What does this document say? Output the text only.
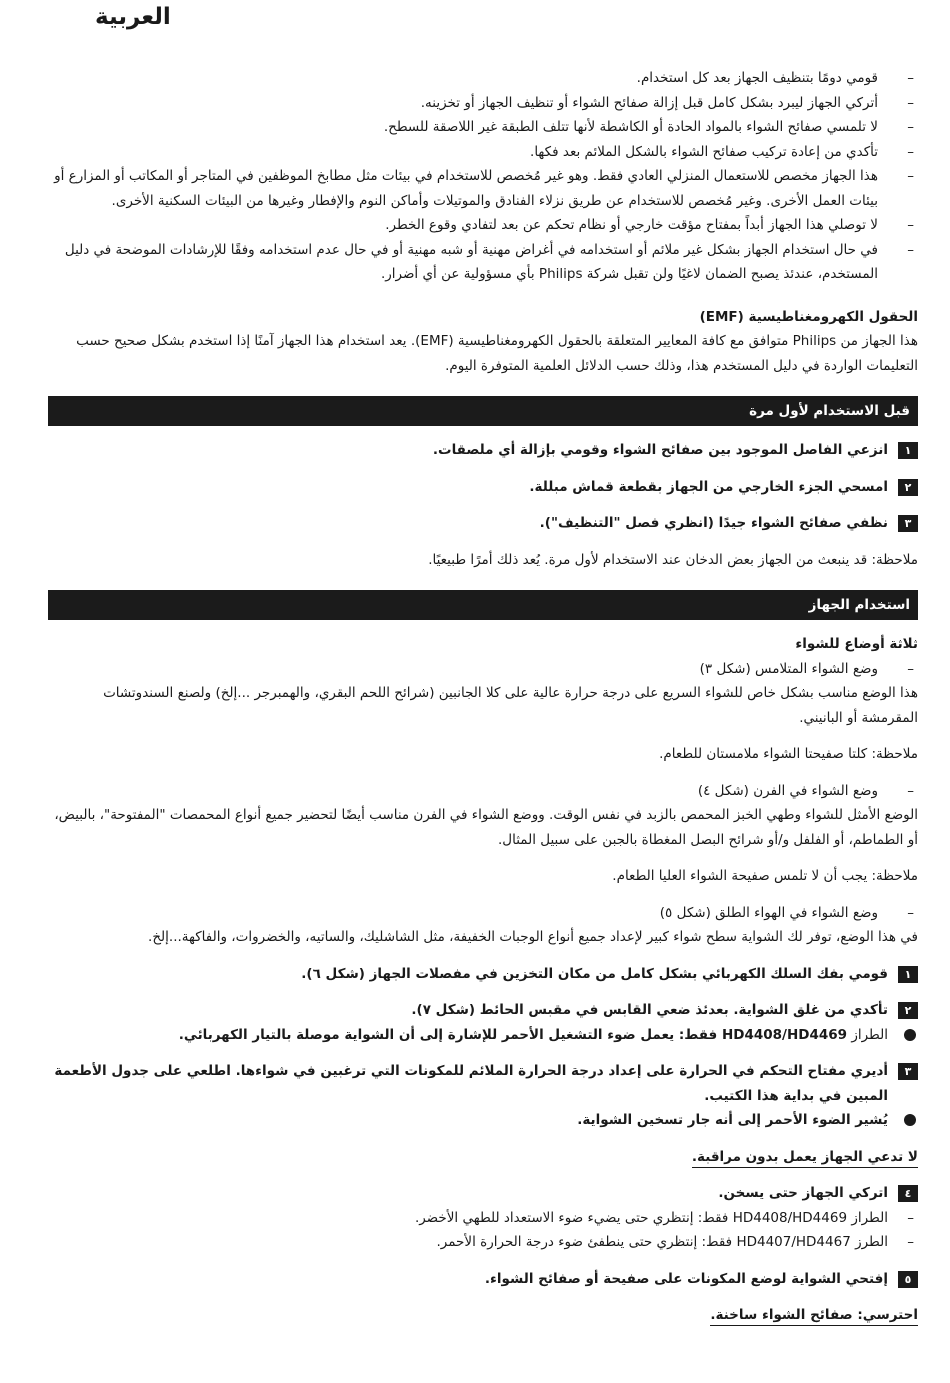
العربية
–

قومي دومًا بتنظيف الجهاز بعد كل استخدام.

–

أتركي الجهاز ليبرد بشكل كامل قبل إزالة صفائح الشواء أو تنظيف الجهاز أو تخزينه.

–

لا تلمسي صفائح الشواء بالمواد الحادة أو الكاشطة لأنها تتلف الطبقة غير اللاصقة للسطح.

–

تأكدي من إعادة تركيب صفائح الشواء بالشكل الملائم بعد فكها.

–

هذا الجهاز مخصص للاستعمال المنزلي العادي فقط. وهو غير مُخصص للاستخدام في بيئات مثل مطابخ الموظفين في المتاجر أو المكاتب أو المزارع أو بيئات العمل الأخرى. وغير مُخصص للاستخدام عن طريق نزلاء الفنادق والموتيلات وأماكن النوم والإفطار وغيرها من البيئات السكنية الأخرى.

–

لا توصلي هذا الجهاز أبداً بمفتاح مؤقت خارجي أو نظام تحكم عن بعد لتفادي وقوع الخطر.

–

في حال استخدام الجهاز بشكل غير ملائم أو استخدامه في أغراض مهنية أو شبه مهنية أو في حال عدم استخدامه وفقًا للإرشادات الموضحة في دليل المستخدم، عندئذ يصبح الضمان لاغيًا ولن تقبل شركة Philips بأي مسؤولية عن أي أضرار.

الحقول الكهرومغناطيسية (EMF)

هذا الجهاز من Philips متوافق مع كافة المعايير المتعلقة بالحقول الكهرومغناطيسية (EMF). يعد استخدام هذا الجهاز آمنًا إذا استخدم بشكل صحيح حسب التعليمات الواردة في دليل المستخدم هذا، وذلك حسب الدلائل العلمية المتوفرة اليوم.

قبل الاستخدام لأول مرة
١

انزعي الفاصل الموجود بين صفائح الشواء وقومي بإزالة أي ملصقات.

٢

امسحي الجزء الخارجي من الجهاز بقطعة قماش مبللة.

٣

نظفي صفائح الشواء جيدًا (انظري فصل "التنظيف").

ملاحظة: قد ينبعث من الجهاز بعض الدخان عند الاستخدام لأول مرة. يُعد ذلك أمرًا طبيعيًا.

استخدام الجهاز

ثلاثة أوضاع للشواء

–

وضع الشواء المتلامس (شكل ٣)

هذا الوضع مناسب بشكل خاص للشواء السريع على درجة حرارة عالية على كلا الجانبين (شرائح اللحم البقري، والهمبرجر ...إلخ) ولصنع السندوتشات المقرمشة أو البانيني.

ملاحظة: كلتا صفيحتا الشواء ملامستان للطعام.

–

وضع الشواء في الفرن (شكل ٤)

الوضع الأمثل للشواء وطهي الخبز المحمص بالزبد في نفس الوقت. ووضع الشواء في الفرن مناسب أيضًا لتحضير جميع أنواع المحمصات "المفتوحة"، بالبيض، أو الطماطم، أو الفلفل و/أو شرائح البصل المغطاة بالجبن على سبيل المثال.

ملاحظة: يجب أن لا تلمس صفيحة الشواء العليا الطعام.

–

وضع الشواء في الهواء الطلق (شكل ٥)

في هذا الوضع، توفر لك الشواية سطح شواء كبير لإعداد جميع أنواع الوجبات الخفيفة، مثل الشاشليك، والساتيه، والخضروات، والفاكهة...إلخ.

١

قومي بفك السلك الكهربائي بشكل كامل من مكان التخزين في مفصلات الجهاز (شكل ٦).

٢

تأكدي من غلق الشواية. بعدئذ ضعي القابس في مقبس الحائط (شكل ٧).

الطراز HD4408/HD4469 فقط: يعمل ضوء التشغيل الأحمر للإشارة إلى أن الشواية موصلة بالتيار الكهربائي.

٣

أديري مفتاح التحكم في الحرارة على إعداد درجة الحرارة الملائم للمكونات التي ترغبين في شواءها. اطلعي على جدول الأطعمة المبين في بداية هذا الكتيب.

يُشير الضوء الأحمر إلى أنه جار تسخين الشواية.

لا تدعي الجهاز يعمل بدون مراقبة.

٤

اتركي الجهاز حتى يسخن.

–

الطراز HD4408/HD4469 فقط: إنتظري حتى يضيء ضوء الاستعداد للطهي الأخضر.

–

الطرز HD4407/HD4467 فقط: إنتظري حتى ينطفئ ضوء درجة الحرارة الأحمر.

٥

إفتحي الشواية لوضع المكونات على صفيحة أو صفائح الشواء.

احترسي: صفائح الشواء ساخنة.
